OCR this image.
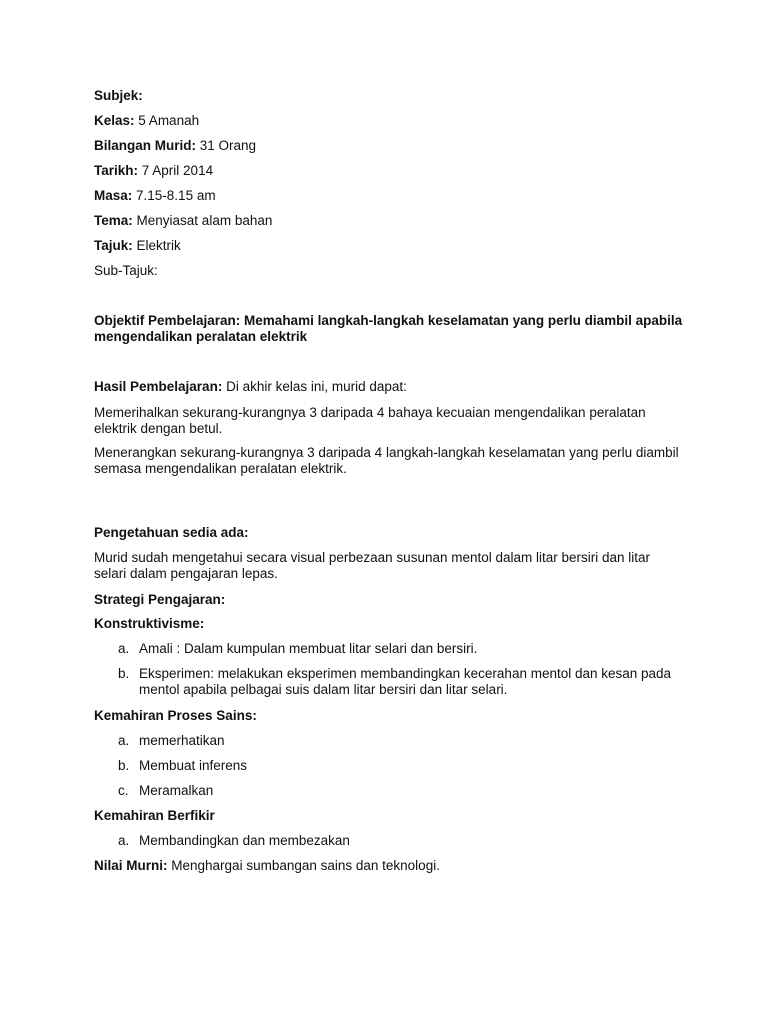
Subjek:
Kelas: 5 Amanah
Bilangan Murid: 31 Orang
Tarikh: 7 April 2014
Masa: 7.15-8.15 am
Tema: Menyiasat alam bahan
Tajuk: Elektrik
Sub-Tajuk:
Objektif Pembelajaran: Memahami langkah-langkah keselamatan yang perlu diambil apabila mengendalikan peralatan elektrik
Hasil Pembelajaran: Di akhir kelas ini, murid dapat:
Memerihalkan sekurang-kurangnya 3 daripada 4 bahaya kecuaian mengendalikan peralatan elektrik dengan betul.
Menerangkan sekurang-kurangnya 3 daripada 4 langkah-langkah keselamatan yang perlu diambil semasa mengendalikan peralatan elektrik.
Pengetahuan sedia ada:
Murid sudah mengetahui secara visual perbezaan susunan mentol dalam litar bersiri dan litar selari dalam pengajaran lepas.
Strategi Pengajaran:
Konstruktivisme:
a. Amali : Dalam kumpulan membuat litar selari dan bersiri.
b. Eksperimen: melakukan eksperimen membandingkan kecerahan mentol dan kesan pada mentol apabila pelbagai suis dalam litar bersiri dan litar selari.
Kemahiran Proses Sains:
a. memerhatikan
b. Membuat inferens
c. Meramalkan
Kemahiran Berfikir
a. Membandingkan dan membezakan
Nilai Murni: Menghargai sumbangan sains dan teknologi.
